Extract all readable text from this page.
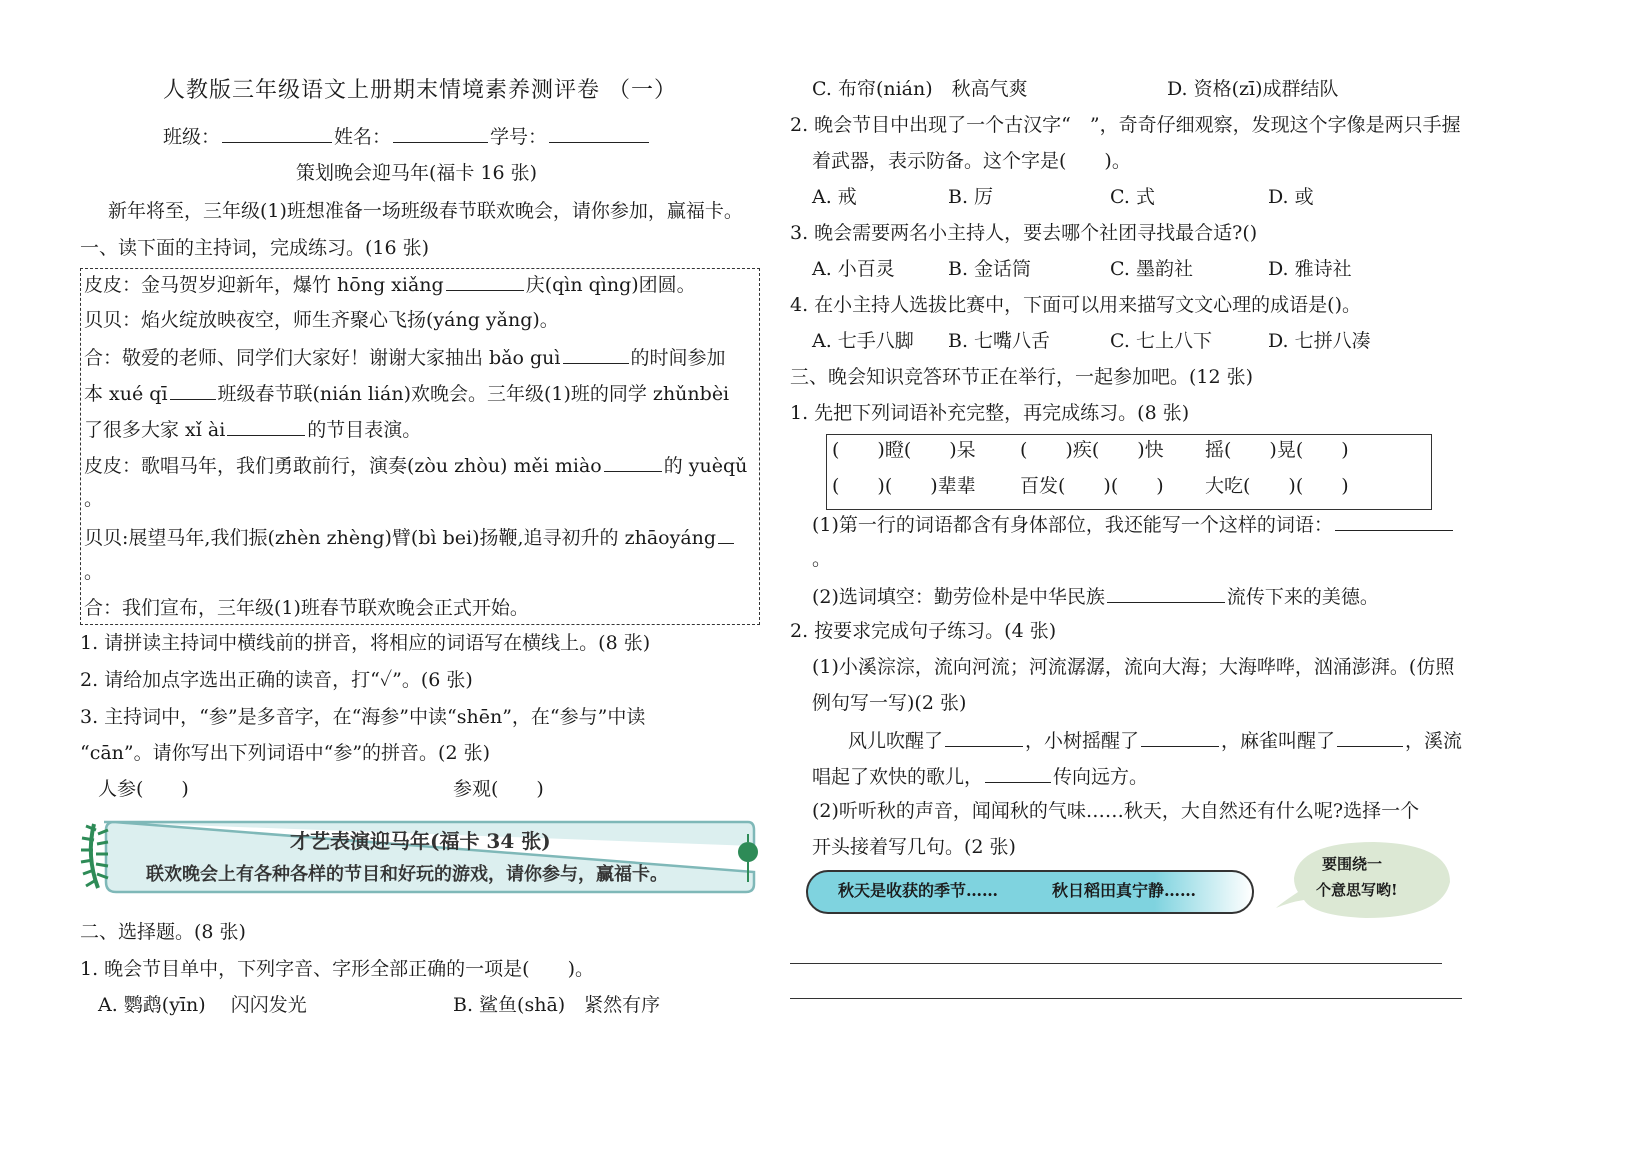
人教版三年级语文上册期末情境素养测评卷 （一）
班级：	姓名：	学号：
策划晚会迎马年(福卡 16 张)
新年将至，三年级(1)班想准备一场班级春节联欢晚会，请你参加，赢福卡。
一、读下面的主持词，完成练习。(16 张)
皮皮：金马贺岁迎新年，爆竹 hōng xiǎng	庆(qìn qìng)团圆。
贝贝：焰火绽放映夜空，师生齐聚心飞扬(yáng yǎng)。
合：敬爱的老师、同学们大家好！谢谢大家抽出 bǎo guì	的时间参加
本 xué qī	班级春节联(nián lián)欢晚会。三年级(1)班的同学 zhǔnbèi
了很多大家 xǐ ài	的节目表演。
皮皮：歌唱马年，我们勇敢前行，演奏(zòu zhòu) měi miào	的 yuèqǔ
。
贝贝:展望马年,我们振(zhèn zhèng)臂(bì bei)扬鞭,追寻初升的 zhāoyáng
。
合：我们宣布，三年级(1)班春节联欢晚会正式开始。
1. 请拼读主持词中横线前的拼音，将相应的词语写在横线上。(8 张)
2. 请给加点字选出正确的读音，打“✓”。(6 张)
3. 主持词中，“参”是多音字，在“海参”中读“shēn”，在“参与”中读
“cān”。请你写出下列词语中“参”的拼音。(2 张)
人参(　　)	参观(　　)
才艺表演迎马年(福卡 34 张)
联欢晚会上有各种各样的节目和好玩的游戏，请你参与，赢福卡。
二、选择题。(8 张)
1. 晚会节目单中，下列字音、字形全部正确的一项是(　　)。
A. 鹦鹉(yīn)　 闪闪发光	B. 鲨鱼(shā)　紧然有序
C. 布帘(nián)　秋高气爽	D. 资格(zī)成群结队
2. 晚会节目中出现了一个古汉字“　”，奇奇仔细观察，发现这个字像是两只手握
着武器，表示防备。这个字是(　　)。
A. 戒	B. 厉	C. 式	D. 或
3. 晚会需要两名小主持人，要去哪个社团寻找最合适?()
A. 小百灵	B. 金话筒	C. 墨韵社	D. 雅诗社
4. 在小主持人选拔比赛中，下面可以用来描写文文心理的成语是()。
A. 七手八脚 B. 七嘴八舌	C. 七上八下	D. 七拼八凑
三、晚会知识竞答环节正在举行，一起参加吧。(12 张)
1. 先把下列词语补充完整，再完成练习。(8 张)
(　　)瞪(　　)呆 (　　)疾(　　)快 摇(　　)晃(　　)
(　　)(　　)辈辈 百发(　　)(　　) 大吃(　　)(　　)
(1)第一行的词语都含有身体部位，我还能写一个这样的词语：
。
(2)选词填空：勤劳俭朴是中华民族	流传下来的美德。
2. 按要求完成句子练习。(4 张)
(1)小溪淙淙，流向河流；河流潺潺，流向大海；大海哗哗，汹涌澎湃。(仿照
例句写一写)(2 张)
风儿吹醒了	，小树摇醒了	，麻雀叫醒了	，溪流
唱起了欢快的歌儿，	传向远方。
(2)听听秋的声音，闻闻秋的气味……秋天，大自然还有什么呢?选择一个
开头接着写几句。(2 张)
秋天是收获的季节……	秋日稻田真宁静……
要围绕一
个意思写哟!
